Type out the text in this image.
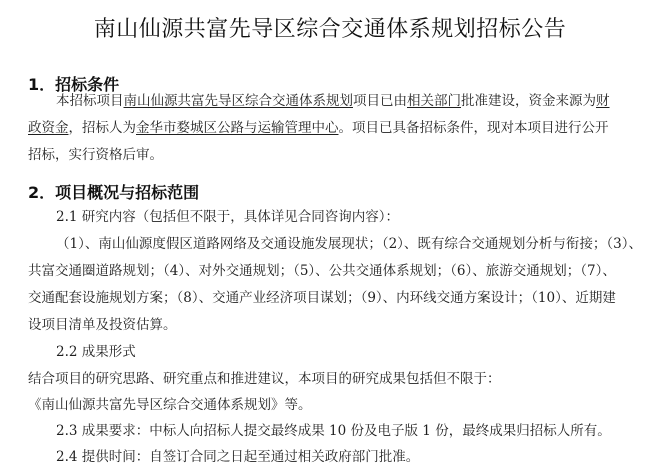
南山仙源共富先导区综合交通体系规划招标公告
1．招标条件
本招标项目南山仙源共富先导区综合交通体系规划项目已由相关部门批准建设，资金来源为财
政资金，招标人为金华市婺城区公路与运输管理中心。项目已具备招标条件，现对本项目进行公开
招标，实行资格后审。
2．项目概况与招标范围
2.1 研究内容（包括但不限于，具体详见合同咨询内容）：
（1）、南山仙源度假区道路网络及交通设施发展现状；（2）、既有综合交通规划分析与衔接；（3）、
共富交通圈道路规划；（4）、对外交通规划；（5）、公共交通体系规划；（6）、旅游交通规划；（7）、
交通配套设施规划方案；（8）、交通产业经济项目谋划；（9）、内环线交通方案设计；（10）、近期建
设项目清单及投资估算。
2.2 成果形式
结合项目的研究思路、研究重点和推进建议，本项目的研究成果包括但不限于：
《南山仙源共富先导区综合交通体系规划》等。
2.3 成果要求：中标人向招标人提交最终成果 10 份及电子版 1 份，最终成果归招标人所有。
2.4 提供时间：自签订合同之日起至通过相关政府部门批准。
